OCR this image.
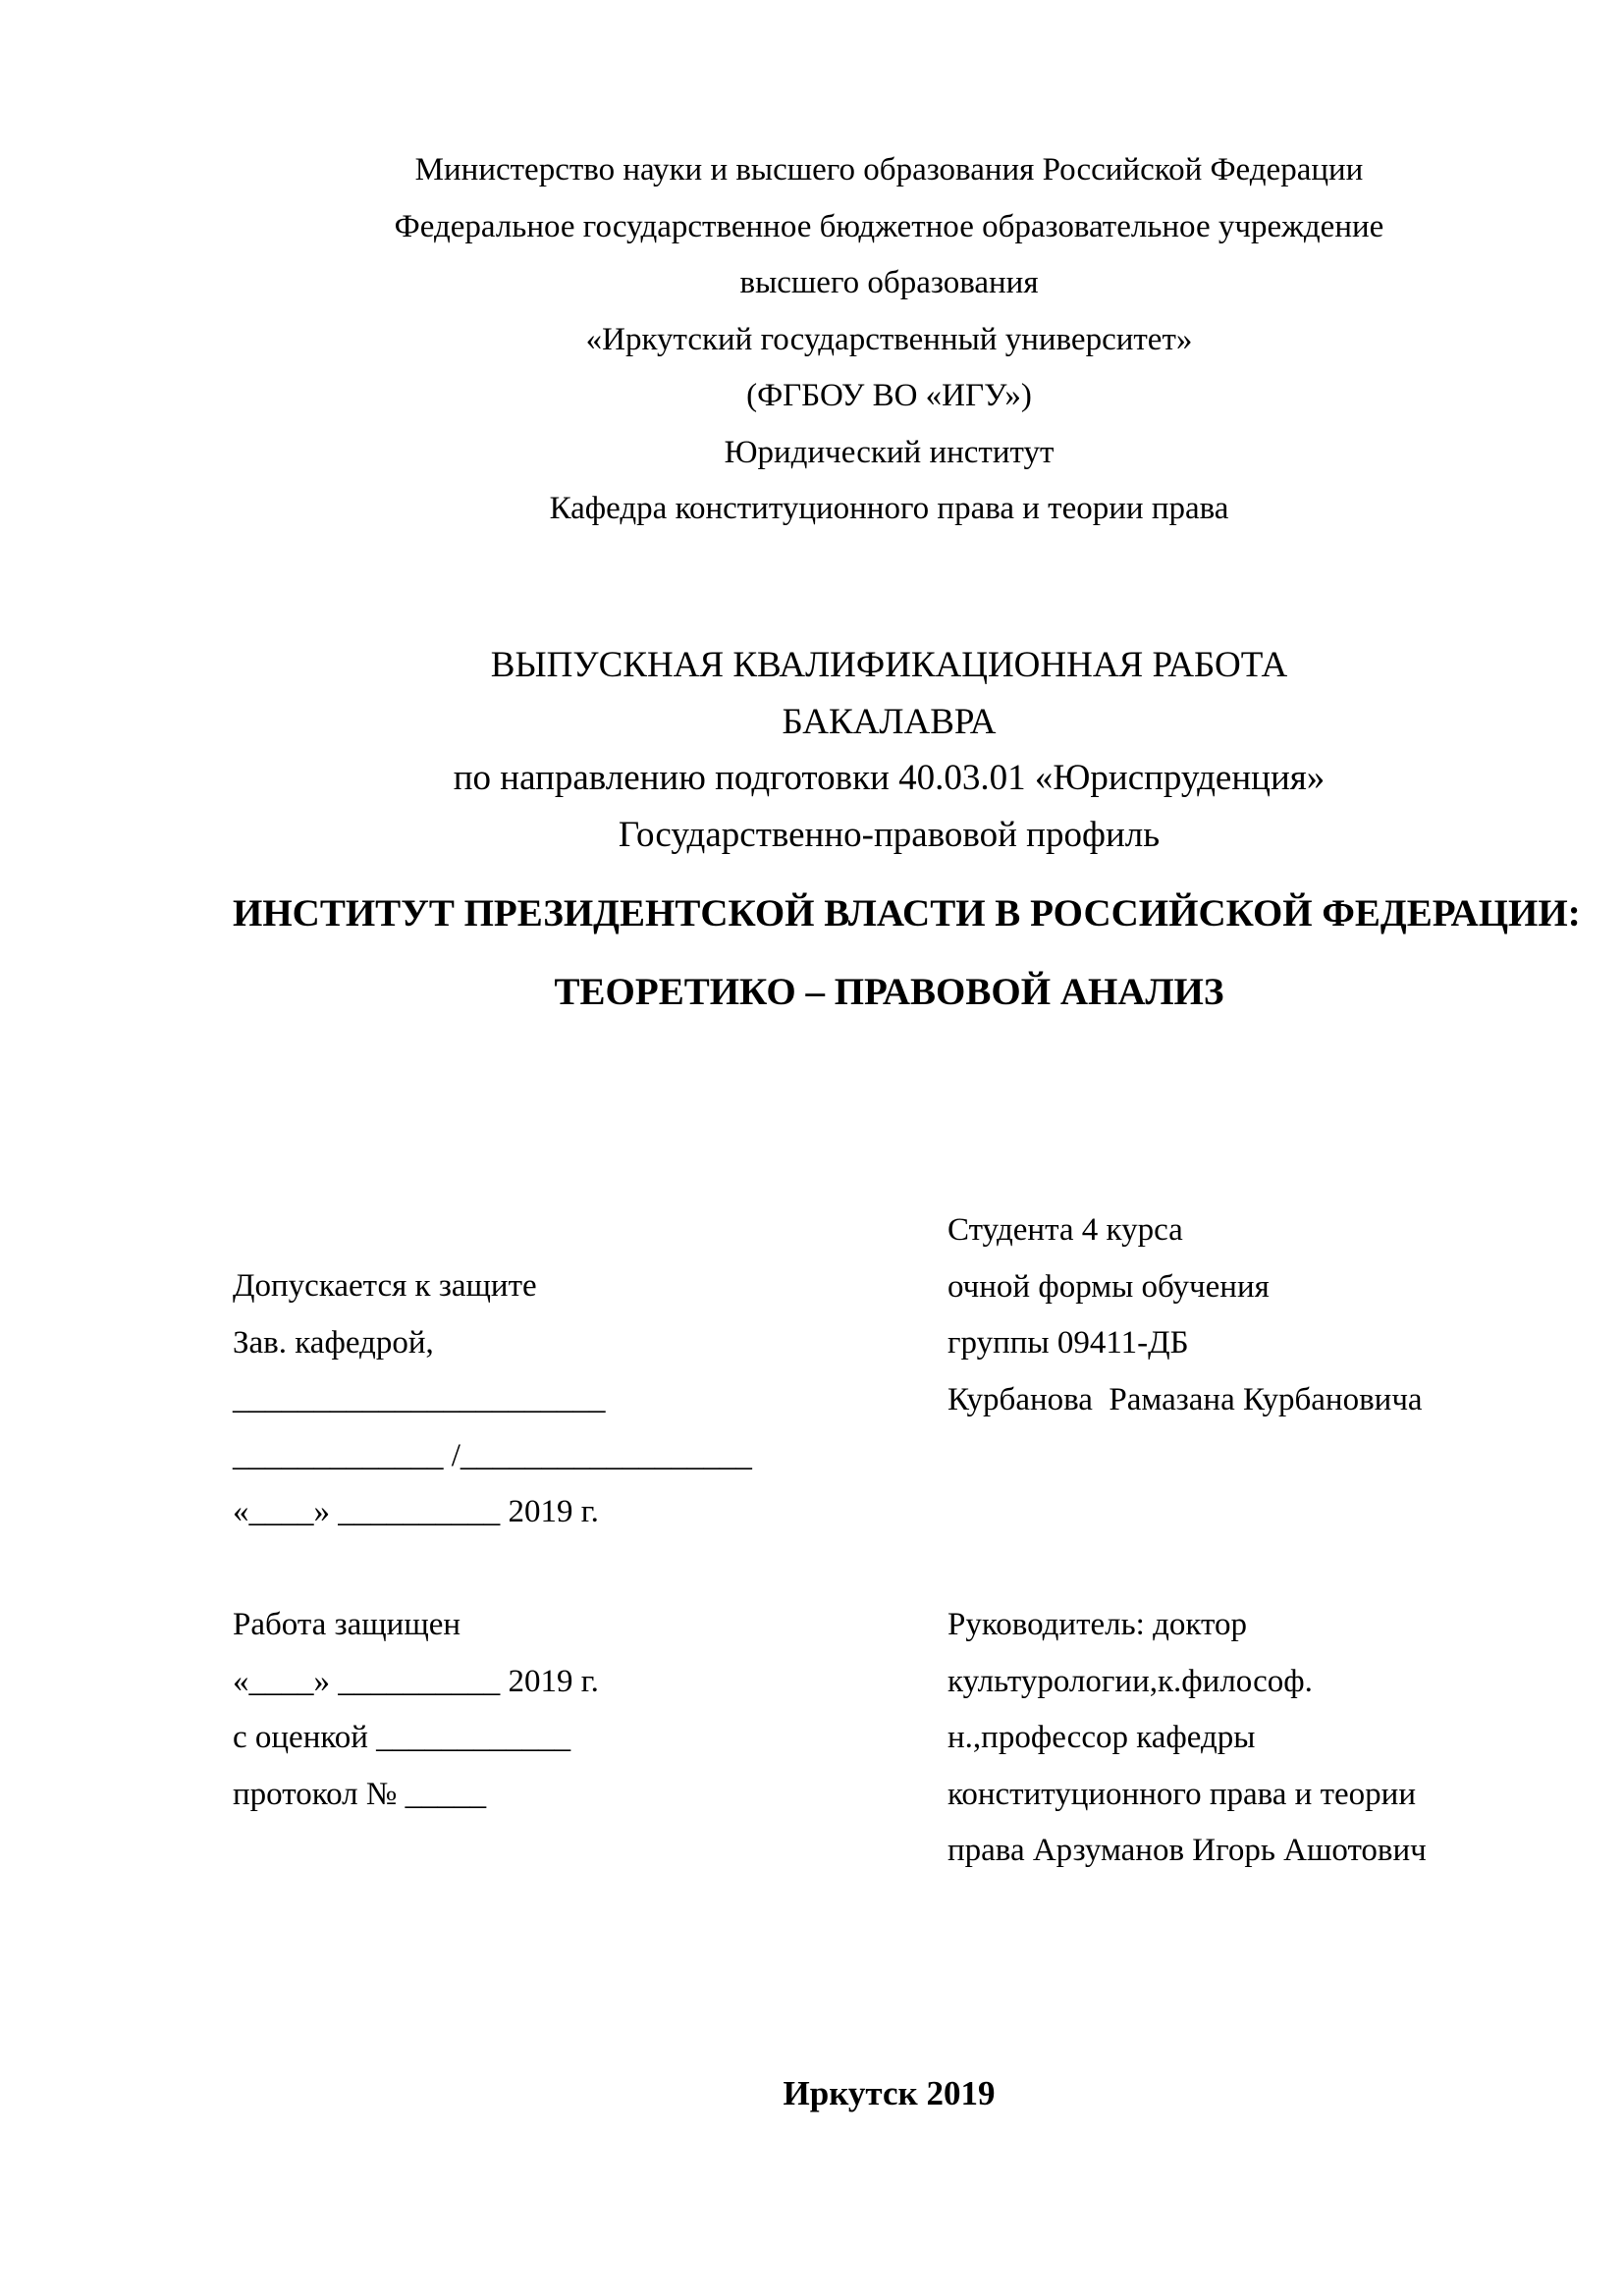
Министерство науки и высшего образования Российской Федерации
Федеральное государственное бюджетное образовательное учреждение
высшего образования
«Иркутский государственный университет»
(ФГБОУ ВО «ИГУ»)
Юридический институт
Кафедра конституционного права и теории права
ВЫПУСКНАЯ КВАЛИФИКАЦИОННАЯ РАБОТА
БАКАЛАВРА
по направлению подготовки 40.03.01 «Юриспруденция»
Государственно-правовой профиль
ИНСТИТУТ ПРЕЗИДЕНТСКОЙ ВЛАСТИ В РОССИЙСКОЙ ФЕДЕРАЦИИ:
ТЕОРЕТИКО – ПРАВОВОЙ АНАЛИЗ
Допускается к защите
Зав. кафедрой,
_______________________
_____________ /__________________
«____» __________ 2019 г.
Студента 4 курса
очной формы обучения
группы 09411-ДБ
Курбанова  Рамазана Курбановича
Работа защищен
«____» __________ 2019 г.
с оценкой ____________
протокол № _____
Руководитель: доктор
культурологии,к.философ.
н.,профессор кафедры
конституционного права и теории
права Арзуманов Игорь Ашотович
Иркутск 2019
